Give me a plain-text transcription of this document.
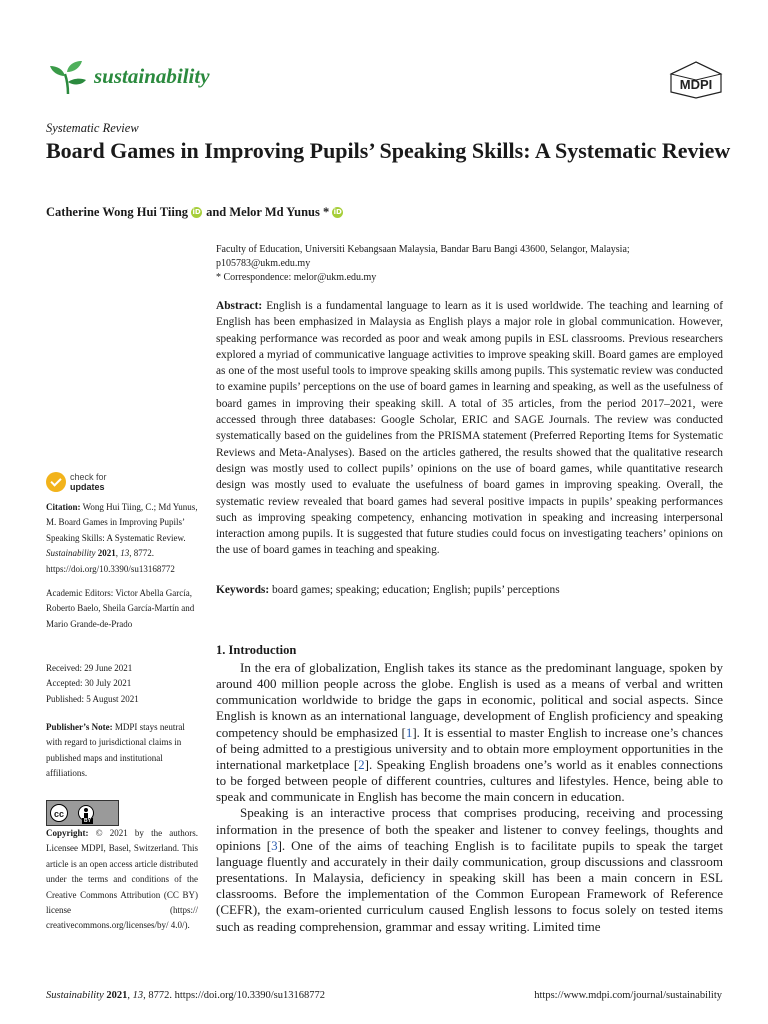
sustainability	MDPI
Systematic Review
Board Games in Improving Pupils’ Speaking Skills: A Systematic Review
Catherine Wong Hui Tiing iD and
Melor Md Yunus * iD
Faculty of Education, Universiti Kebangsaan Malaysia, Bandar Baru Bangi 43600, Selangor, Malaysia;
p105783@ukm.edu.my
* Correspondence: melor@ukm.edu.my
Abstract: English is a fundamental language to learn as it is used worldwide. The teaching and learning of English has been emphasized in Malaysia as English plays a major role in global communication. However, speaking performance was recorded as poor and weak among pupils in ESL classrooms. Previous researchers explored a myriad of communicative language activities to improve speaking skill. Board games are employed as one of the most useful tools to improve speaking skills among pupils. This systematic review was conducted to examine pupils’ perceptions on the use of board games in learning and speaking, as well as the usefulness of board games in improving their speaking skill. A total of 35 articles, from the period 2017–2021, were accessed through three databases: Google Scholar, ERIC and SAGE Journals. The review was conducted systematically based on the guidelines from the PRISMA statement (Preferred Reporting Items for Systematic Reviews and Meta-Analyses). Based on the articles gathered, the results showed that the qualitative research design was mostly used to collect pupils’ opinions on the use of board games, while quantitative research design was mostly used to evaluate the usefulness of board games in improving speaking. Overall, the systematic review revealed that board games had several positive impacts in pupils’ speaking performances such as improving speaking competency, enhancing motivation in speaking and increasing interpersonal interaction among pupils. It is suggested that future studies could focus on investigating teachers’ opinions on the use of board games in teaching and speaking.
Keywords: board games; speaking; education; English; pupils’ perceptions
check for
updates
Citation: Wong Hui Tiing, C.; Md Yunus, M. Board Games in Improving Pupils’ Speaking Skills: A Systematic Review. Sustainability 2021, 13, 8772. https://doi.org/10.3390/su13168772
Academic Editors: Victor Abella García, Roberto Baelo, Sheila García-Martín and Mario Grande-de-Prado
Received: 29 June 2021
Accepted: 30 July 2021
Published: 5 August 2021
Publisher’s Note: MDPI stays neutral with regard to jurisdictional claims in published maps and institutional affiliations.
cc
BY
Copyright: © 2021 by the authors. Licensee MDPI, Basel, Switzerland. This article is an open access article distributed under the terms and conditions of the Creative Commons Attribution (CC BY) license (https:// creativecommons.org/licenses/by/ 4.0/).
1. Introduction

In the era of globalization, English takes its stance as the predominant language, spoken by around 400 million people across the globe. English is used as a means of verbal and written communication worldwide to bridge the gaps in economic, political and social aspects. Since English is known as an international language, development of English proficiency and speaking competency should be emphasized [1]. It is essential to master English to increase one’s chances of being admitted to a prestigious university and to obtain more employment opportunities in the international marketplace [2]. Speaking English broadens one’s world as it enables connections to be forged between people of different countries, cultures and lifestyles. Hence, being able to speak and communicate in English has become the main concern in education.

Speaking is an interactive process that comprises producing, receiving and processing information in the presence of both the speaker and listener to convey feelings, thoughts and opinions [3]. One of the aims of teaching English is to facilitate pupils to speak the target language fluently and accurately in their daily communication, group discussions and classroom presentations. In Malaysia, deficiency in speaking skill has been a main concern in ESL classrooms. Before the implementation of the Common European Framework of Reference (CEFR), the exam-oriented curriculum caused English lessons to focus solely on tested items such as reading comprehension, grammar and essay writing. Limited time

Sustainability 2021, 13, 8772. https://doi.org/10.3390/su13168772	https://www.mdpi.com/journal/sustainability
